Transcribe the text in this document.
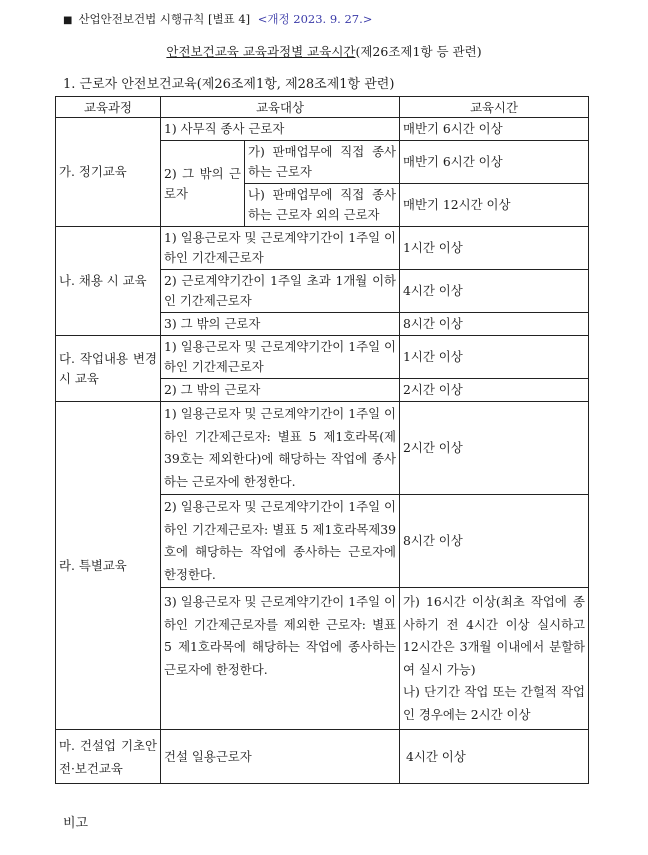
■ 산업안전보건법 시행규칙 [별표 4] <개정 2023. 9. 27.>
안전보건교육 교육과정별 교육시간(제26조제1항 등 관련)
1. 근로자 안전보건교육(제26조제1항, 제28조제1항 관련)
교육과정	교육대상		교육시간
가. 정기교육	1) 사무직 종사 근로자		매반기 6시간 이상
	2) 그 밖의 근로자	가) 판매업무에 직접 종사하는 근로자	매반기 6시간 이상

		나) 판매업무에 직접 종사하는 근로자 외의 근로자	매반기 12시간 이상
나. 채용 시 교육	1) 일용근로자 및 근로계약기간이 1주일 이하인 기간제근로자		1시간 이상
	2) 근로계약기간이 1주일 초과 1개월 이하인 기간제근로자		4시간 이상
	3) 그 밖의 근로자		8시간 이상
다. 작업내용 변경 시 교육	1) 일용근로자 및 근로계약기간이 1주일 이하인 기간제근로자		1시간 이상
	2) 그 밖의 근로자		2시간 이상
라. 특별교육	1) 일용근로자 및 근로계약기간이 1주일 이하인 기간제근로자: 별표 5 제1호라목(제39호는 제외한다)에 해당하는 작업에 종사하는 근로자에 한정한다.		2시간 이상
	2) 일용근로자 및 근로계약기간이 1주일 이하인 기간제근로자: 별표 5 제1호라목제39호에 해당하는 작업에 종사하는 근로자에 한정한다.		8시간 이상
	3) 일용근로자 및 근로계약기간이 1주일 이하인 기간제근로자를 제외한 근로자: 별표 5 제1호라목에 해당하는 작업에 종사하는 근로자에 한정한다.		가) 16시간 이상(최초 작업에 종사하기 전 4시간 이상 실시하고 12시간은 3개월 이내에서 분할하여 실시 가능)
나) 단기간 작업 또는 간헐적 작업인 경우에는 2시간 이상

마. 건설업 기초안전·보건교육	건설 일용근로자		4시간 이상
비고
